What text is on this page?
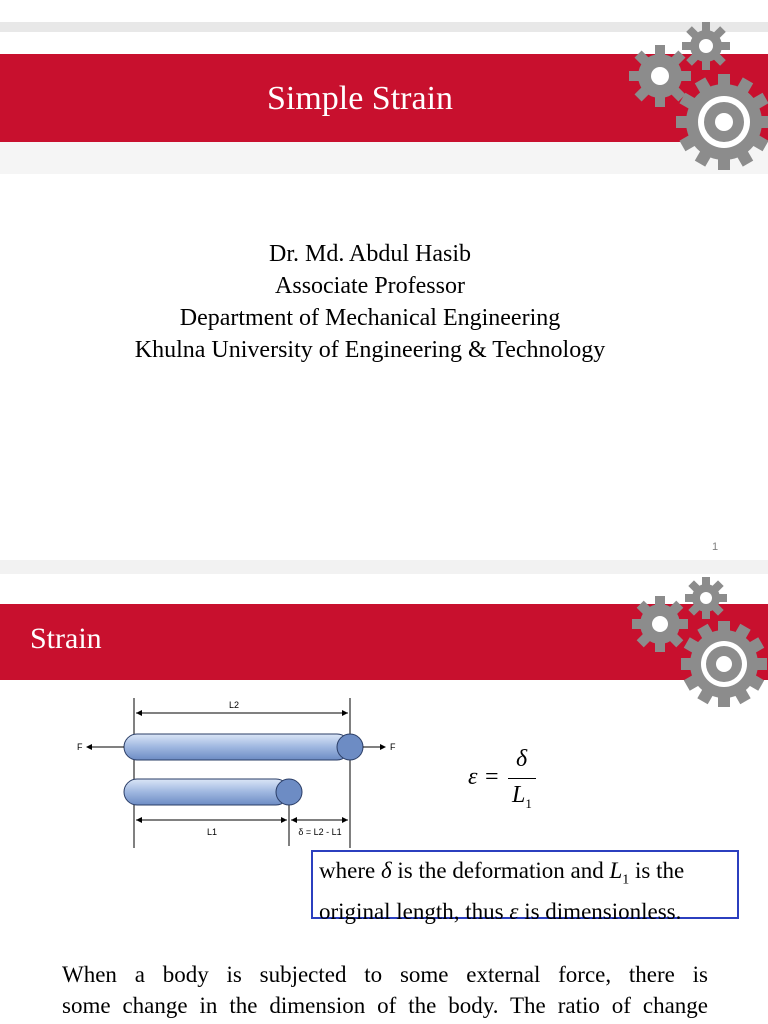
Simple Strain
Dr. Md. Abdul Hasib
Associate Professor
Department of Mechanical Engineering
Khulna University of Engineering & Technology
1
Strain
L2
F	F
L1	δ = L2 - L1
ε =
δ
$L_1$
where δ is the deformation and $L_1$ is the
original length, thus ε is dimensionless.
When a body is subjected to some external force, there is
some change in the dimension of the body. The ratio of change
